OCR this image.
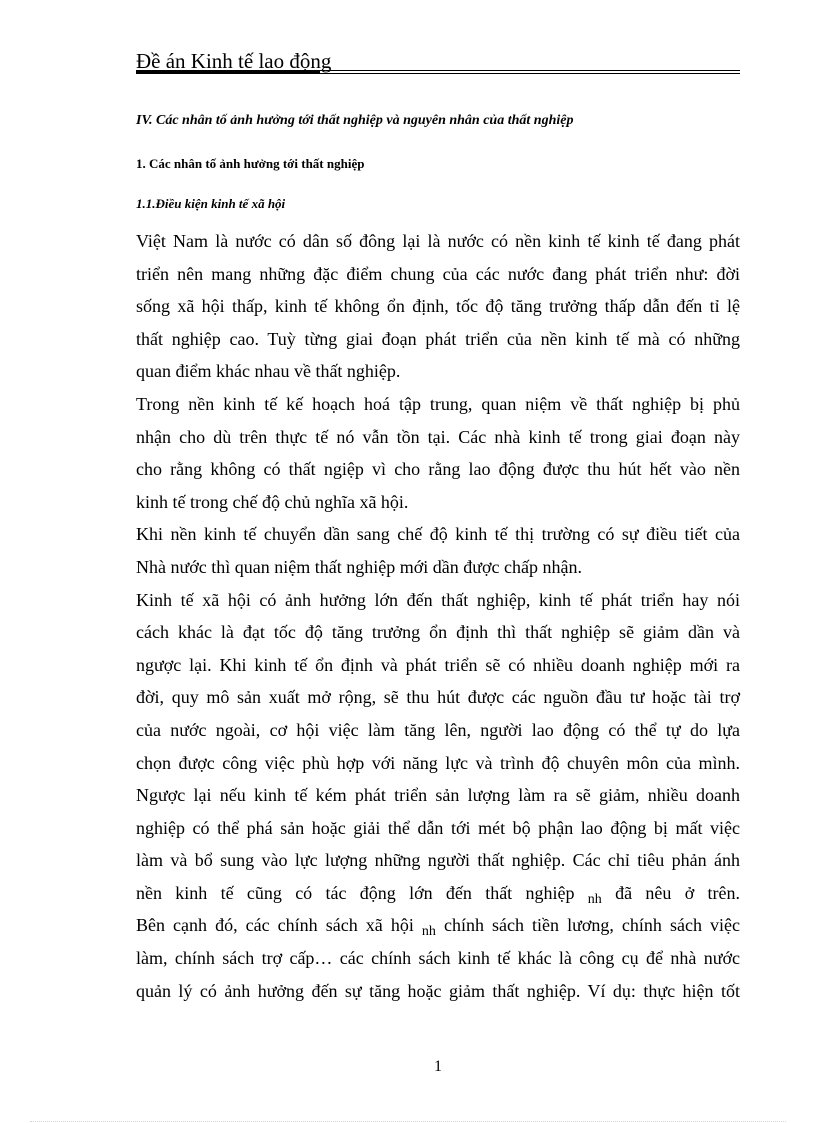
Đề án Kinh tế lao động
IV. Các nhân tố ảnh hưởng tới thất nghiệp và nguyên nhân của thất nghiệp
1. Các nhân tố ảnh hưởng tới thất nghiệp
1.1.Điều kiện kinh tế xã hội
Việt Nam là nước có dân số đông lại là nước có nền kinh tế kinh tế đang phát
triển nên mang những đặc điểm chung của các nước đang phát triển như: đời
sống xã hội thấp, kinh tế không ổn định, tốc độ tăng trưởng thấp dẫn đến tỉ lệ
thất nghiệp cao. Tuỳ từng giai đoạn phát triển của nền kinh tế mà có những
quan điểm khác nhau về thất nghiệp.
Trong nền kinh tế kế hoạch hoá tập trung, quan niệm về thất nghiệp bị phủ
nhận cho dù trên thực tế nó vẫn tồn tại. Các nhà kinh tế trong giai đoạn này
cho rằng không có thất ngiệp vì cho rằng lao động được thu hút hết vào nền
kinh tế trong chế độ chủ nghĩa xã hội.
Khi nền kinh tế chuyển dần sang chế độ kinh tế thị trường có sự điều tiết của
Nhà nước thì quan niệm thất nghiệp mới dần được chấp nhận.
Kinh tế xã hội có ảnh hưởng lớn đến thất nghiệp, kinh tế phát triển hay nói
cách khác là đạt tốc độ tăng trưởng ổn định thì thất nghiệp sẽ giảm dần và
ngược lại. Khi kinh tế ổn định và phát triển sẽ có nhiều doanh nghiệp mới ra
đời, quy mô sản xuất mở rộng, sẽ thu hút được các nguồn đầu tư hoặc tài trợ
của nước ngoài, cơ hội việc làm tăng lên, người lao động có thể tự do lựa
chọn được công việc phù hợp với năng lực và trình độ chuyên môn của mình.
Ngược lại nếu kinh tế kém phát triển sản lượng làm ra sẽ giảm, nhiều doanh
nghiệp có thể phá sản hoặc giải thể dẫn tới mét bộ phận lao động bị mất việc
làm và bổ sung vào lực lượng những người thất nghiệp. Các chỉ tiêu phản ánh
nền kinh tế cũng có tác động lớn đến thất nghiệp $_{nh}$ đã nêu ở trên.
Bên cạnh đó, các chính sách xã hội $_{nh}$ chính sách tiền lương, chính sách việc
làm, chính sách trợ cấp… các chính sách kinh tế khác là công cụ để nhà nước
quản lý có ảnh hưởng đến sự tăng hoặc giảm thất nghiệp. Ví dụ: thực hiện tốt
1
